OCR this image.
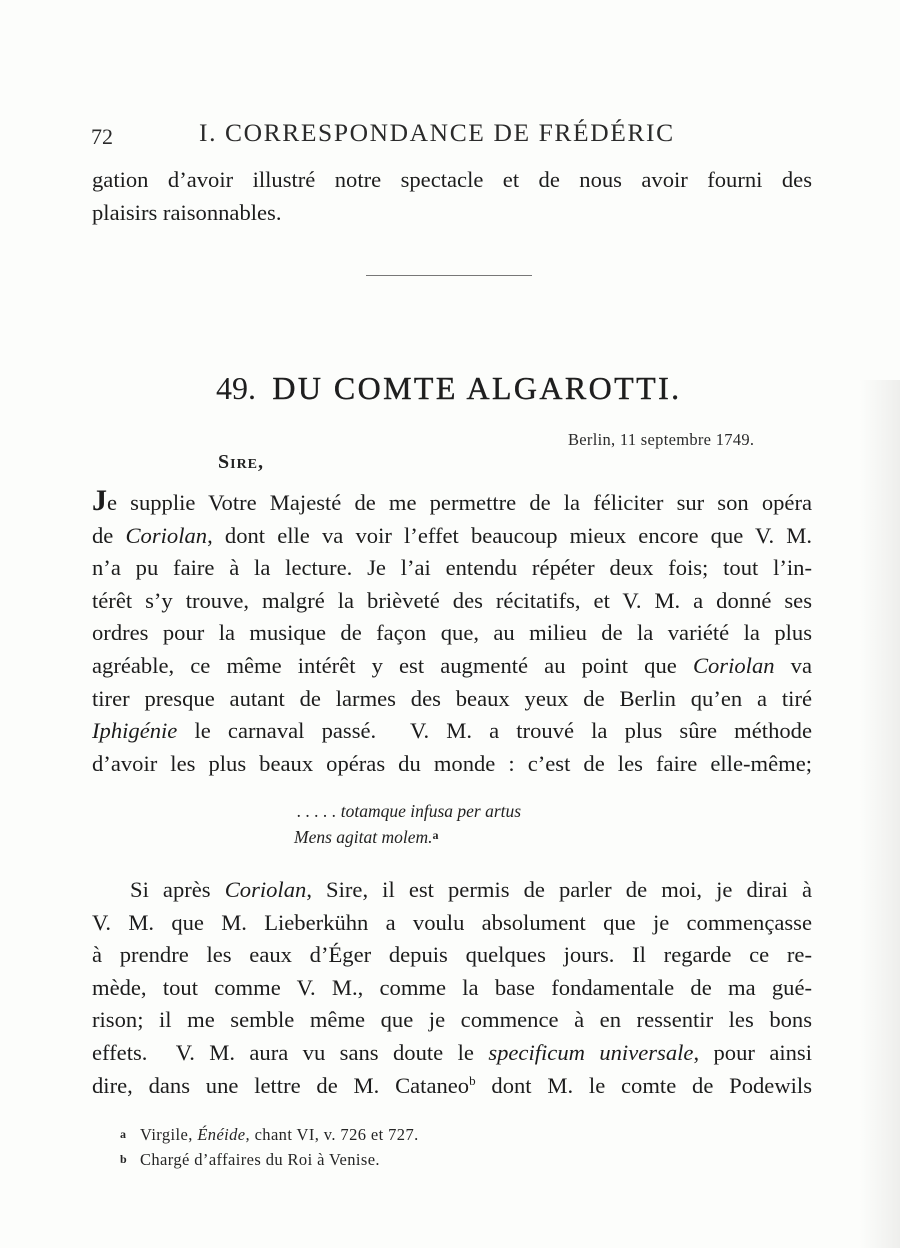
72	I. CORRESPONDANCE DE FRÉDÉRIC
gation d’avoir illustré notre spectacle et de nous avoir fourni des
plaisirs raisonnables.
49. DU COMTE ALGAROTTI.
Berlin, 11 septembre 1749.
Sire,
Je supplie Votre Majesté de me permettre de la féliciter sur son opéra
de Coriolan, dont elle va voir l’effet beaucoup mieux encore que V. M.
n’a pu faire à la lecture. Je l’ai entendu répéter deux fois; tout l’in-
térêt s’y trouve, malgré la brièveté des récitatifs, et V. M. a donné ses
ordres pour la musique de façon que, au milieu de la variété la plus
agréable, ce même intérêt y est augmenté au point que Coriolan va
tirer presque autant de larmes des beaux yeux de Berlin qu’en a tiré
Iphigénie le carnaval passé.  V. M. a trouvé la plus sûre méthode
d’avoir les plus beaux opéras du monde : c’est de les faire elle-même;
. . . . . totamque infusa per artus
Mens agitat molem.$^a$
Si après Coriolan, Sire, il est permis de parler de moi, je dirai à
V. M. que M. Lieberkühn a voulu absolument que je commençasse
à prendre les eaux d’Éger depuis quelques jours. Il regarde ce re-
mède, tout comme V. M., comme la base fondamentale de ma gué-
rison; il me semble même que je commence à en ressentir les bons
effets.  V. M. aura vu sans doute le specificum universale, pour ainsi
dire, dans une lettre de M. Cataneo$^b$ dont M. le comte de Podewils
a Virgile, Énéide, chant VI, v. 726 et 727.
b Chargé d’affaires du Roi à Venise.
